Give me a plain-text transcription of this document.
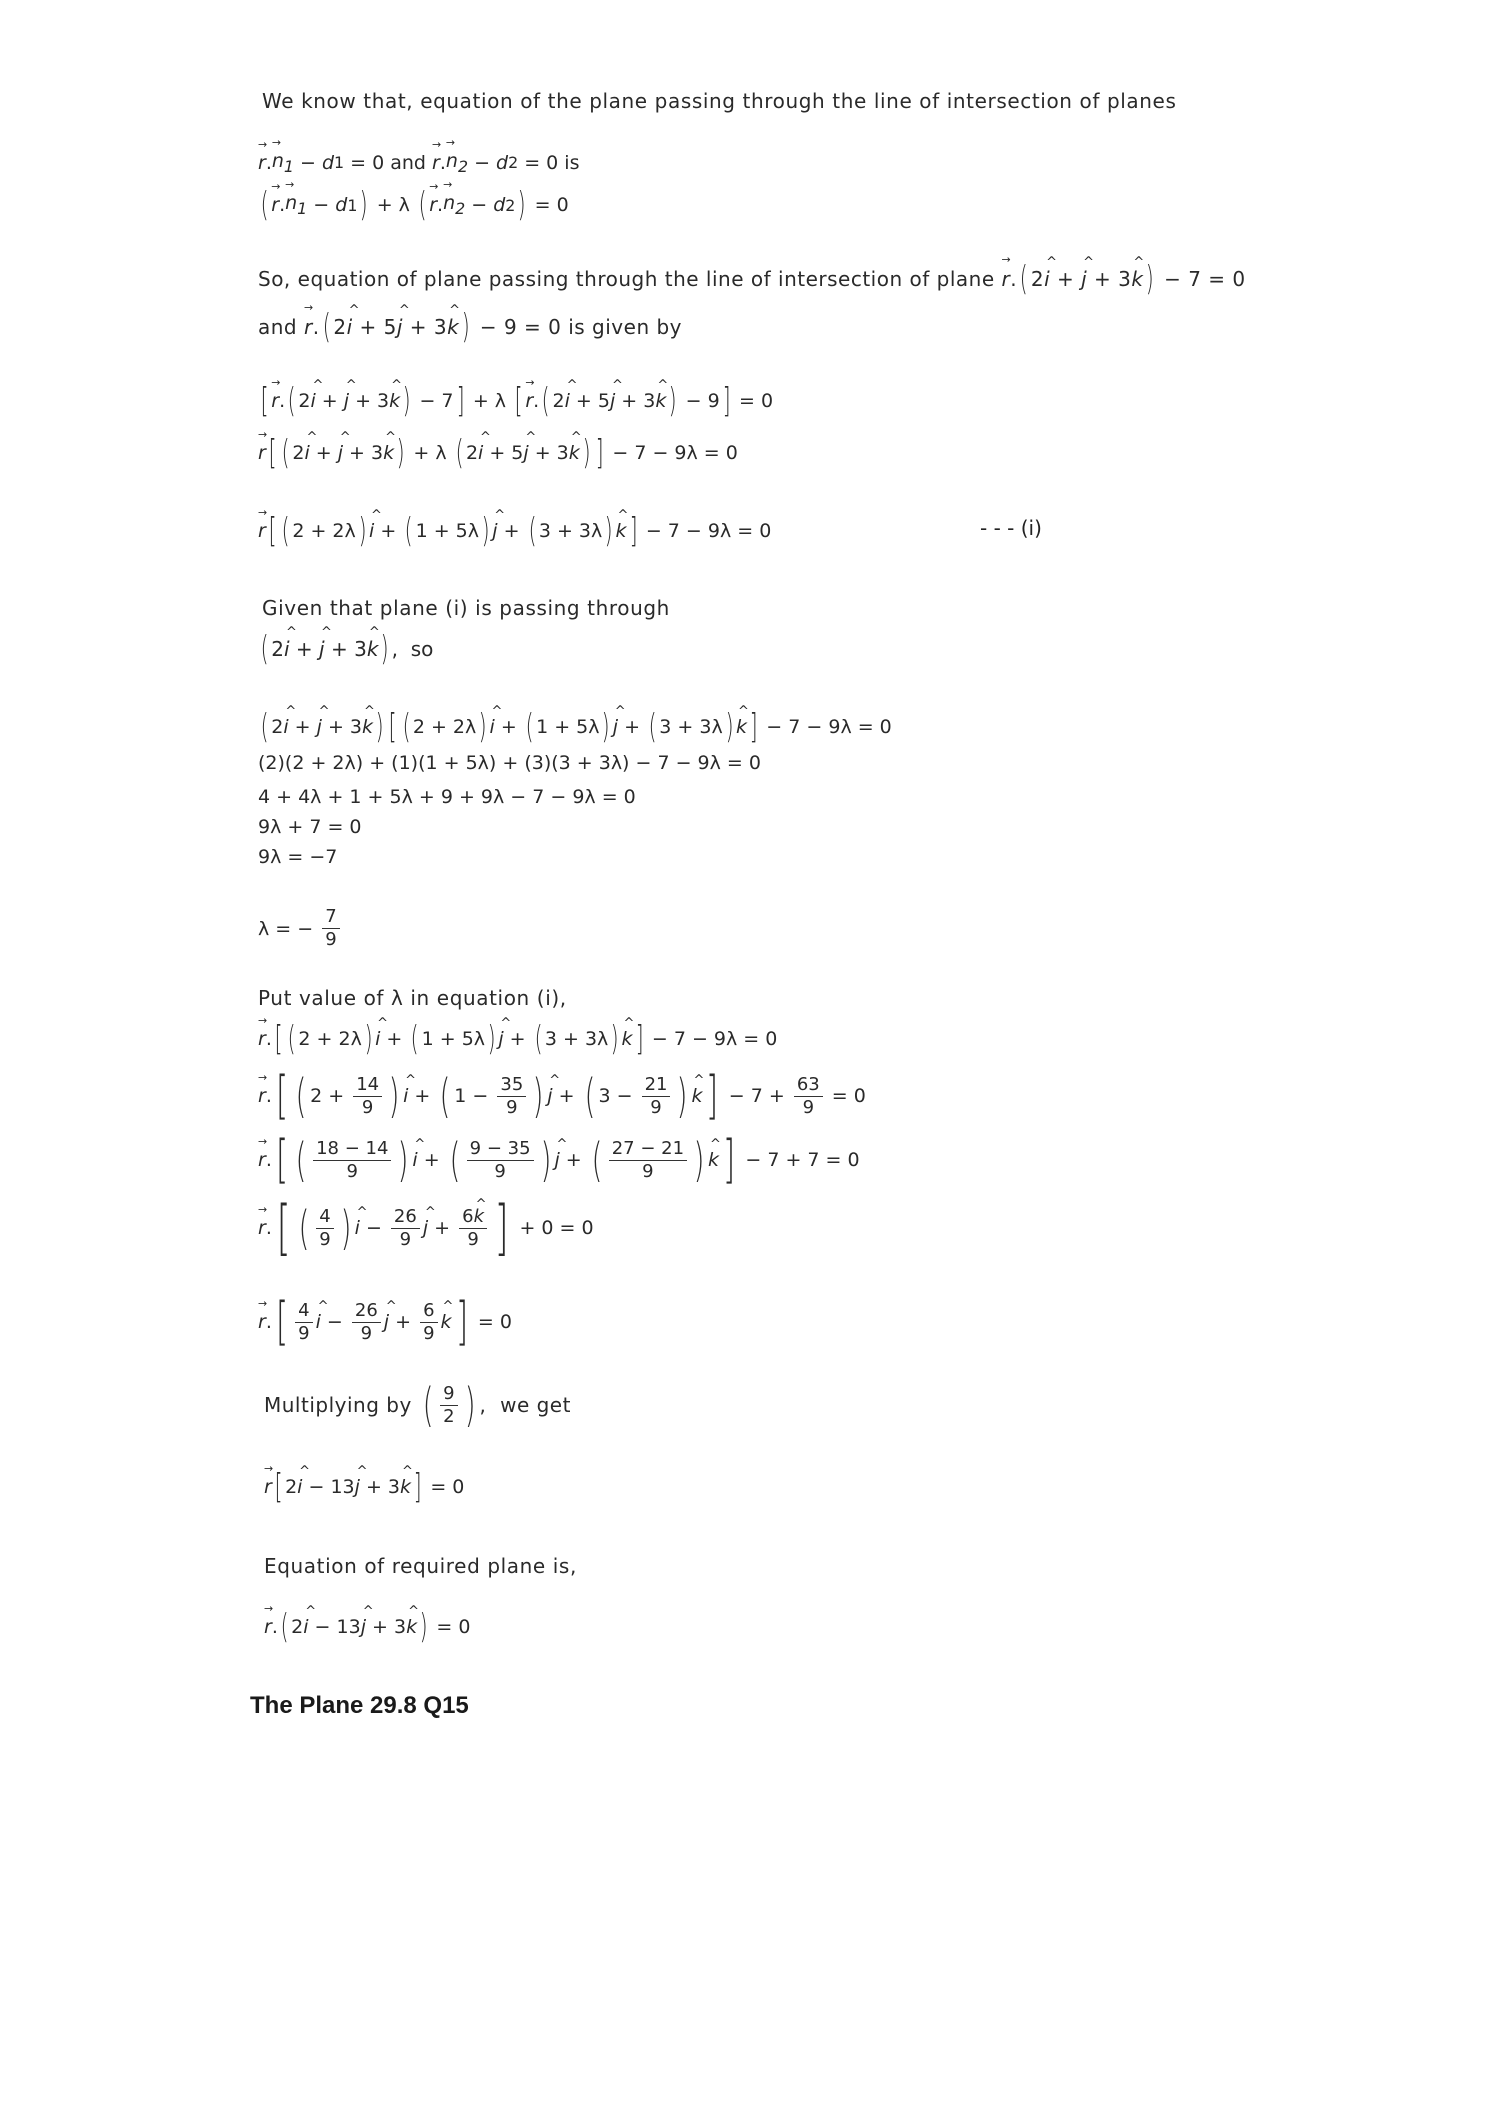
We know that, equation of the plane passing through the line of intersection of planes
→ r . → $n_1 - d$ 1 = 0 and → r . → $n_2 - d$ 2 = 0 is
( → r . → $n_1 - d$ 1 ) + λ ( → r . → $n_2 - d$ 2 ) = 0
So, equation of plane passing through the line of intersection of plane → r . ( 2 ^ i + ^ j + 3 ^ k ) − 7 = 0
and → r . ( 2 ^ i + 5 ^ j + 3 ^ k ) − 9 = 0 is given by
[ → r . ( 2 ^ i + ^ j + 3 ^ k ) − 7 ] + λ [ → r . ( 2 ^ i + 5 ^ j + 3 ^ k ) − 9 ] = 0
→ r [ ( 2 ^ i + ^ j + 3 ^ k ) + λ ( 2 ^ i + 5 ^ j + 3 ^ k ) ] − 7 − 9λ = 0
→ r [ ( 2 + 2λ ) ^ i + ( 1 + 5λ ) ^ j + ( 3 + 3λ ) ^ k ] − 7 − 9λ = 0	- - - (i)
Given that plane (i) is passing through
( 2 ^ i + ^ j + 3 ^ k ) ,  so
( 2 ^ i + ^ j + 3 ^ k ) [ ( 2 + 2λ ) ^ i + ( 1 + 5λ ) ^ j + ( 3 + 3λ ) ^ k ] − 7 − 9λ = 0
(2)(2 + 2λ) + (1)(1 + 5λ) + (3)(3 + 3λ) − 7 − 9λ = 0
4 + 4λ + 1 + 5λ + 9 + 9λ − 7 − 9λ = 0
9λ + 7 = 0
9λ = −7
λ = − $\frac{7}{9}$
Put value of λ in equation (i),
→ r . [ ( 2 + 2λ ) ^ i + ( 1 + 5λ ) ^ j + ( 3 + 3λ ) ^ k ] − 7 − 9λ = 0
→ r . [ ( $2 + \frac{14}{9}$ ) ^ i + ( $1 - \frac{35}{9}$ ) ^ j + ( $3 - \frac{21}{9}$ ) ^ k ] − $7 + \frac{63}{9} = 0$
→ r . [ ( $\frac{18 - 14}{9}$ ) ^ i + ( $\frac{9 - 35}{9}$ ) ^ j + ( $\frac{27 - 21}{9}$ ) ^ k ] − 7 + 7 = 0
→ r . [ ( $\frac{4}{9}$ ) ^ $i - \frac{26}{9}$ ^ $j + \frac{6\^{} k}{9}$ ] + 0 = 0
→ r . [ $\frac{4}{9}$ ^ $i - \frac{26}{9}$ ^ $j + \frac{6}{9}$ ^ k ] = 0
Multiplying by ( $\frac{9}{2}$ ) ,  we get
→ r [ 2 ^ i − 13 ^ j + 3 ^ k ] = 0
Equation of required plane is,
→ r . ( 2 ^ i − 13 ^ j + 3 ^ k ) = 0
The Plane 29.8 Q15
